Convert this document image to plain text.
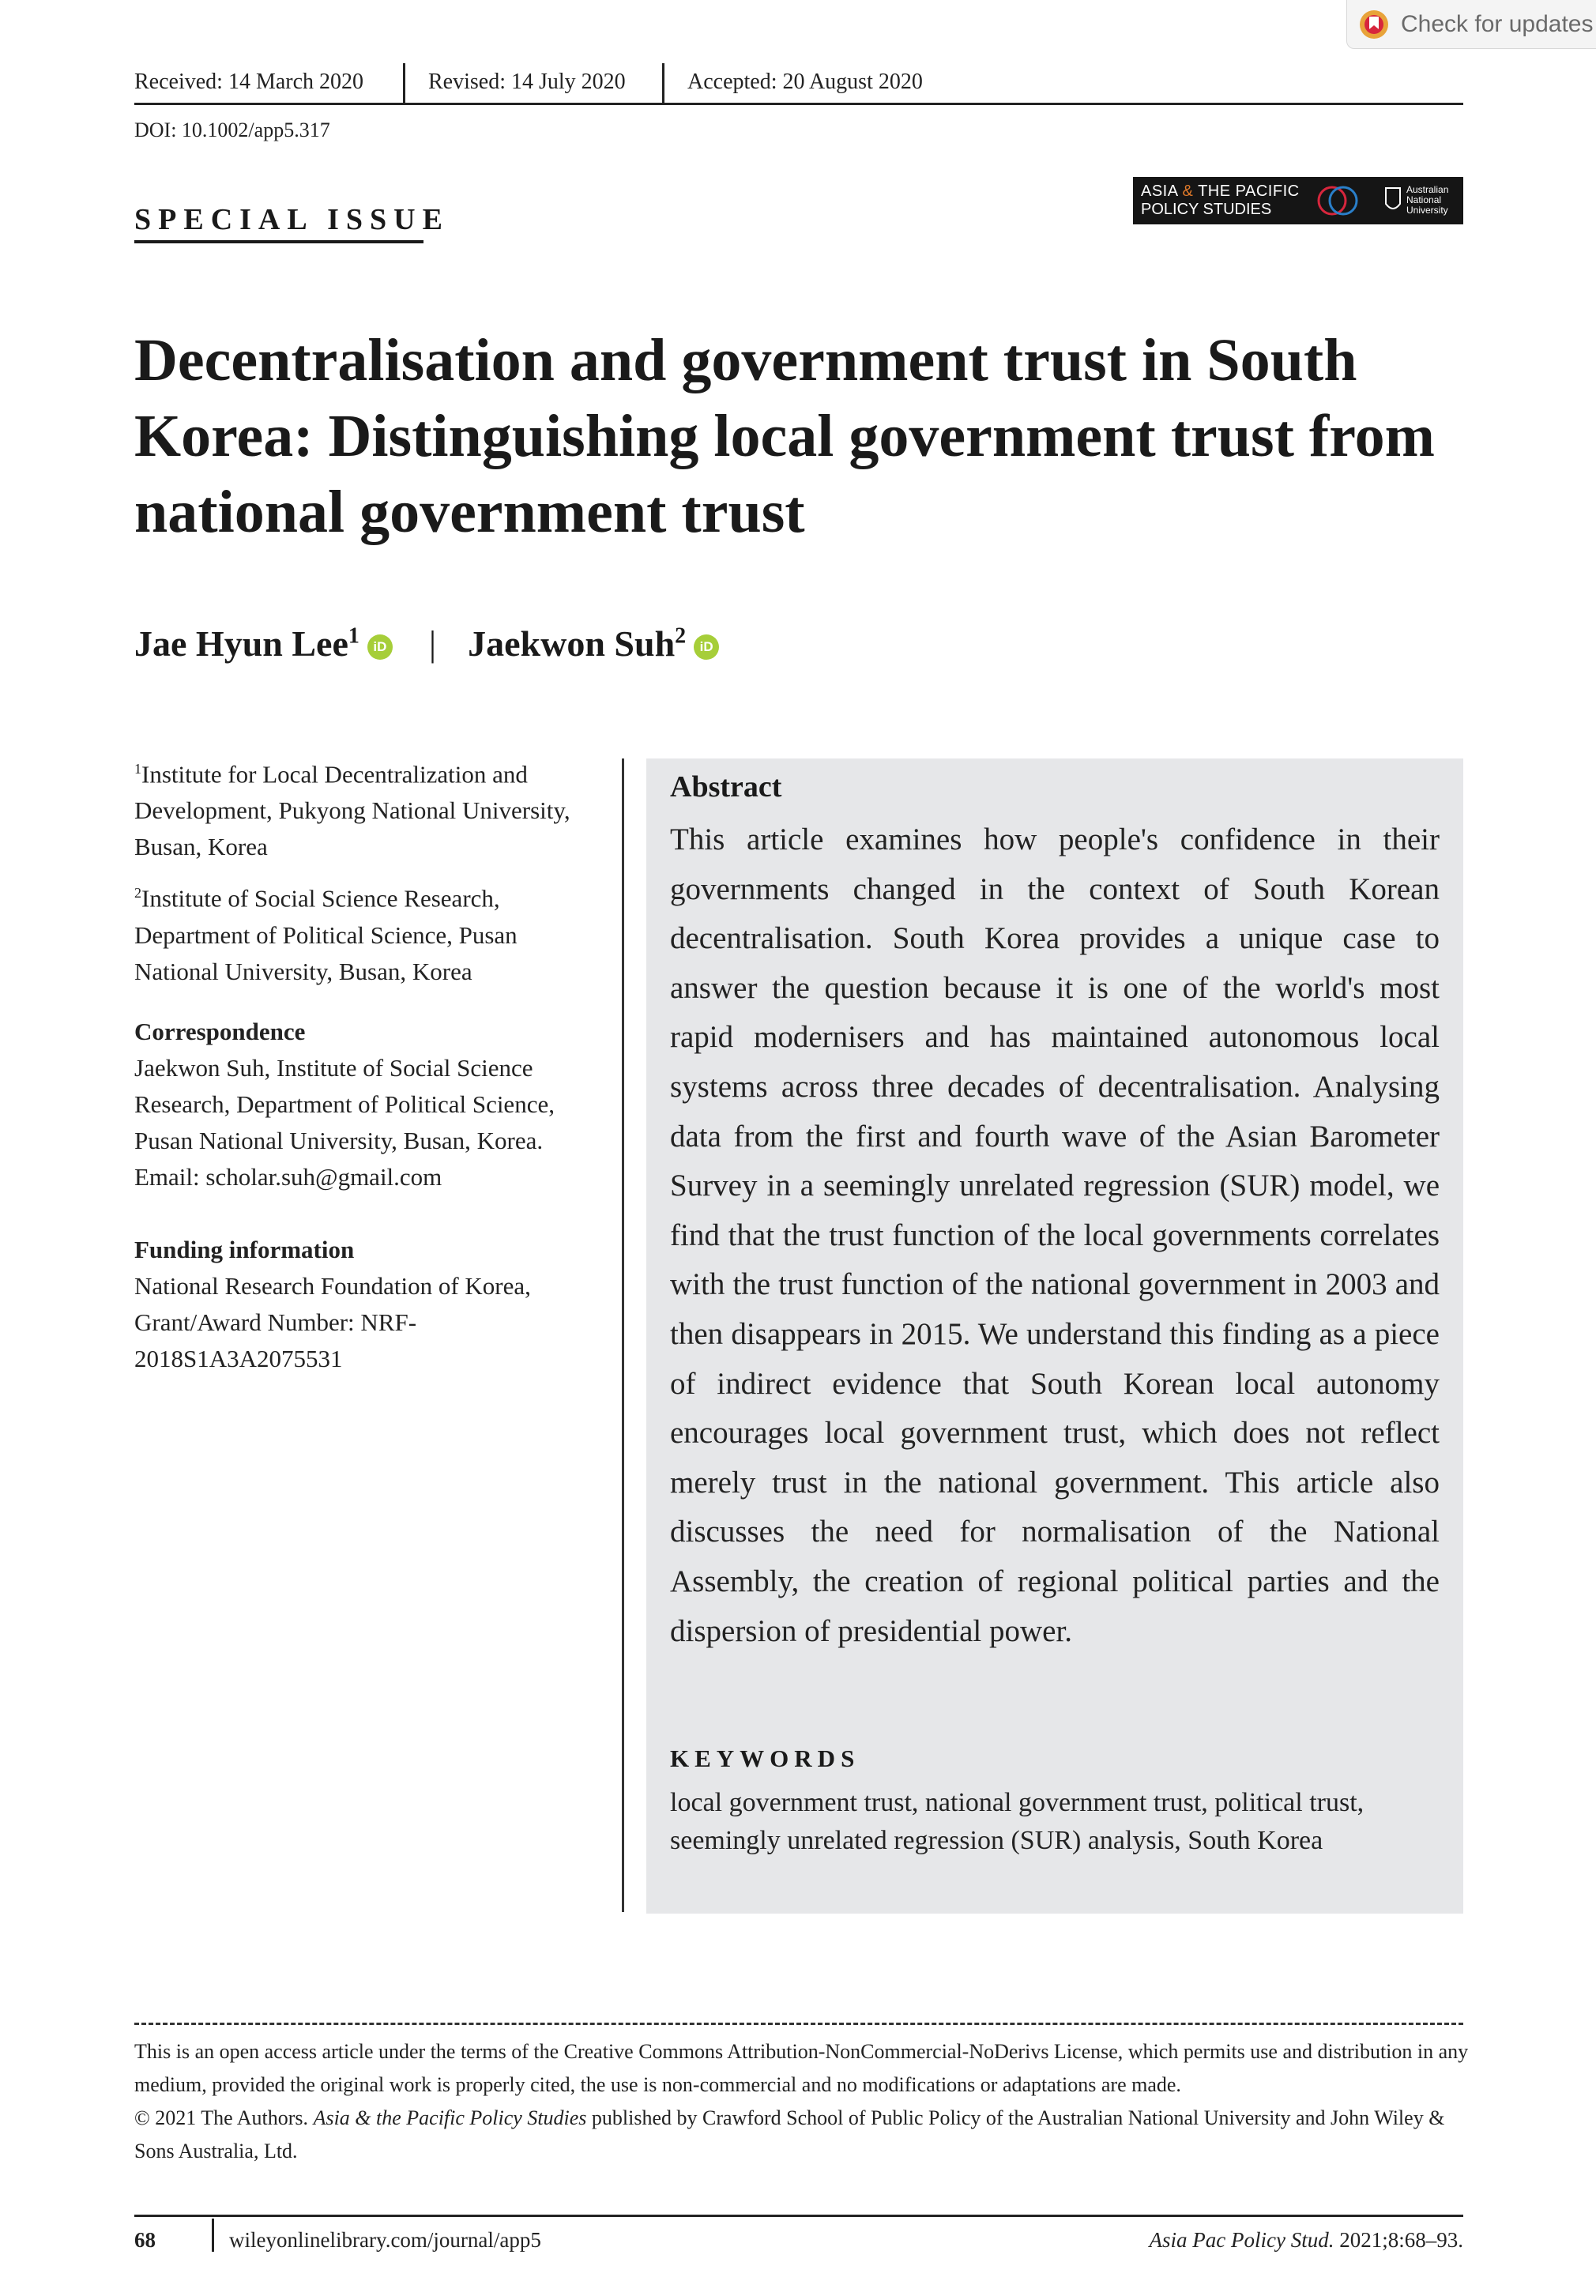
Check for updates
Received: 14 March 2020	Revised: 14 July 2020	Accepted: 20 August 2020
DOI: 10.1002/app5.317
SPECIAL ISSUE
ASIA & THE PACIFIC
POLICY STUDIES
Australian
National
University
Decentralisation and government trust in South Korea: Distinguishing local government trust from national government trust
Jae Hyun Lee$^1$ iD | Jaekwon Suh$^2$ iD

$^1$Institute for Local Decentralization and Development, Pukyong National University, Busan, Korea

$^2$Institute of Social Science Research, Department of Political Science, Pusan National University, Busan, Korea

Correspondence

Jaekwon Suh, Institute of Social Science Research, Department of Political Science, Pusan National University, Busan, Korea.

Email: scholar.suh@gmail.com

Funding information

National Research Foundation of Korea, Grant/Award Number: NRF-2018S1A3A2075531

Abstract
This article examines how people's confidence in their governments changed in the context of South Korean decentralisation. South Korea provides a unique case to answer the question because it is one of the world's most rapid modernisers and has maintained autonomous local systems across three decades of decentralisation. Analysing data from the first and fourth wave of the Asian Barometer Survey in a seemingly unrelated regression (SUR) model, we find that the trust function of the local governments correlates with the trust function of the national government in 2003 and then disappears in 2015. We understand this finding as a piece of indirect evidence that South Korean local autonomy encourages local government trust, which does not reflect merely trust in the national government. This article also discusses the need for normalisation of the National Assembly, the creation of regional political parties and the dispersion of presidential power.
KEYWORDS
local government trust, national government trust, political trust, seemingly unrelated regression (SUR) analysis, South Korea

This is an open access article under the terms of the Creative Commons Attribution-NonCommercial-NoDerivs License, which permits use and distribution in any medium, provided the original work is properly cited, the use is non-commercial and no modifications or adaptations are made.

© 2021 The Authors. Asia & the Pacific Policy Studies published by Crawford School of Public Policy of the Australian National University and John Wiley & Sons Australia, Ltd.

68	wileyonlinelibrary.com/journal/app5	Asia Pac Policy Stud. 2021;8:68–93.
